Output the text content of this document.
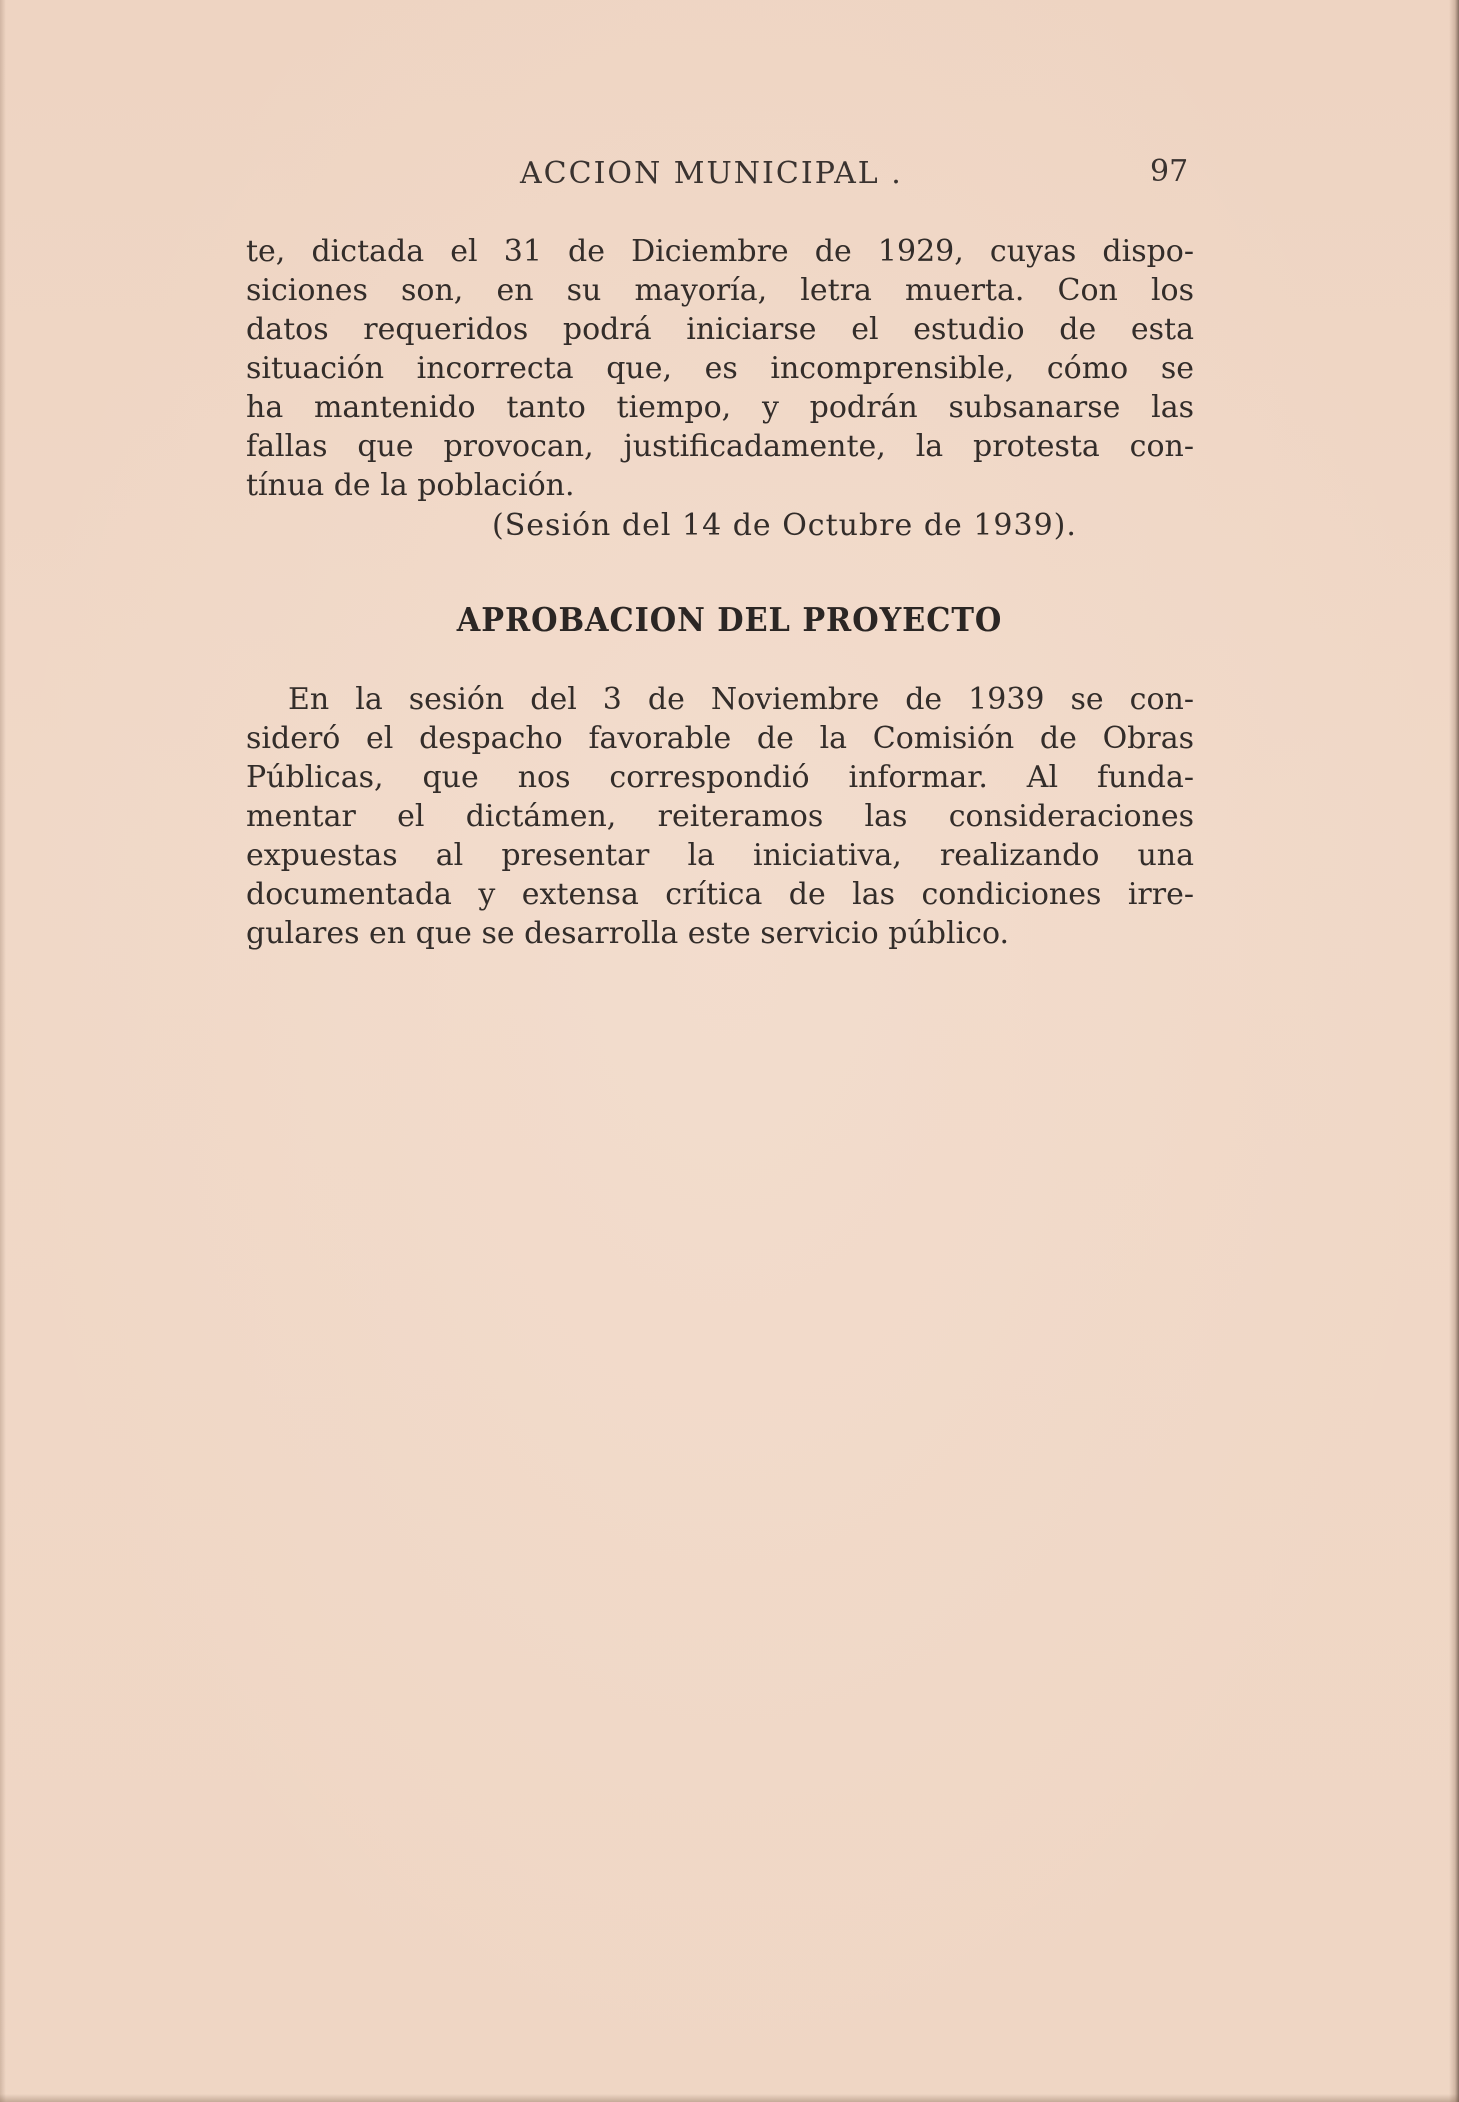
ACCION MUNICIPAL .	97
te, dictada el 31 de Diciembre de 1929, cuyas dispo-
siciones son, en su mayoría, letra muerta. Con los
datos requeridos podrá iniciarse el estudio de esta
situación incorrecta que, es incomprensible, cómo se
ha mantenido tanto tiempo, y podrán subsanarse las
fallas que provocan, justificadamente, la protesta con-
tínua de la población.
(Sesión del 14 de Octubre de 1939).
APROBACION DEL PROYECTO
En la sesión del 3 de Noviembre de 1939 se con-
sideró el despacho favorable de la Comisión de Obras
Públicas, que nos correspondió informar. Al funda-
mentar el dictámen, reiteramos las consideraciones
expuestas al presentar la iniciativa, realizando una
documentada y extensa crítica de las condiciones irre-
gulares en que se desarrolla este servicio público.
